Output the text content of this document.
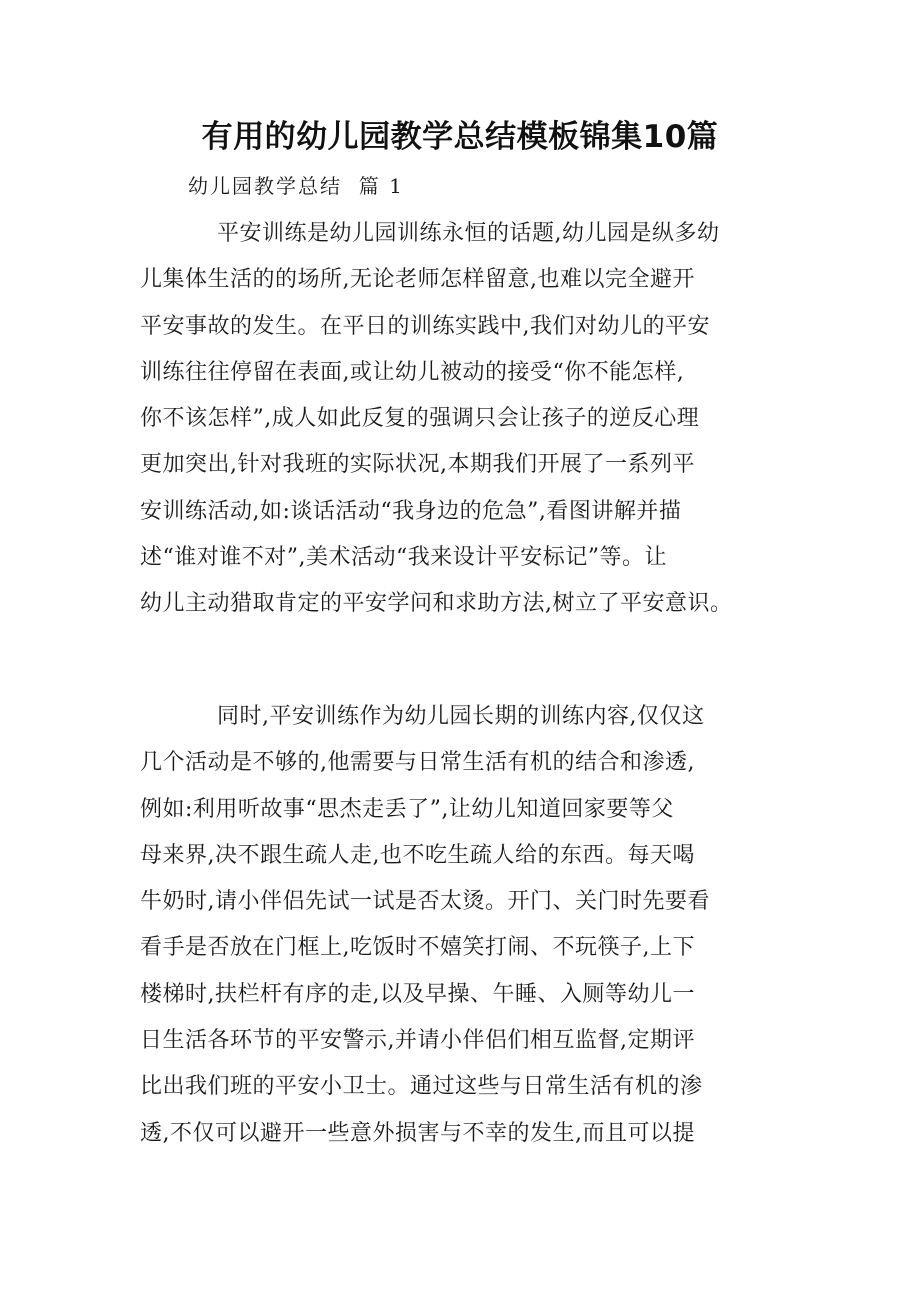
有用的幼儿园教学总结模板锦集10篇
幼儿园教学总结  篇 1
平安训练是幼儿园训练永恒的话题,幼儿园是纵多幼
儿集体生活的的场所,无论老师怎样留意,也难以完全避开
平安事故的发生。在平日的训练实践中,我们对幼儿的平安
训练往往停留在表面,或让幼儿被动的接受“你不能怎样,
你不该怎样”,成人如此反复的强调只会让孩子的逆反心理
更加突出,针对我班的实际状况,本期我们开展了一系列平
安训练活动,如:谈话活动“我身边的危急”,看图讲解并描
述“谁对谁不对”,美术活动“我来设计平安标记”等。让
幼儿主动猎取肯定的平安学问和求助方法,树立了平安意识。
同时,平安训练作为幼儿园长期的训练内容,仅仅这
几个活动是不够的,他需要与日常生活有机的结合和渗透,
例如:利用听故事“思杰走丢了”,让幼儿知道回家要等父
母来界,决不跟生疏人走,也不吃生疏人给的东西。每天喝
牛奶时,请小伴侣先试一试是否太烫。开门、关门时先要看
看手是否放在门框上,吃饭时不嬉笑打闹、不玩筷子,上下
楼梯时,扶栏杆有序的走,以及早操、午睡、入厕等幼儿一
日生活各环节的平安警示,并请小伴侣们相互监督,定期评
比出我们班的平安小卫士。通过这些与日常生活有机的渗
透,不仅可以避开一些意外损害与不幸的发生,而且可以提
